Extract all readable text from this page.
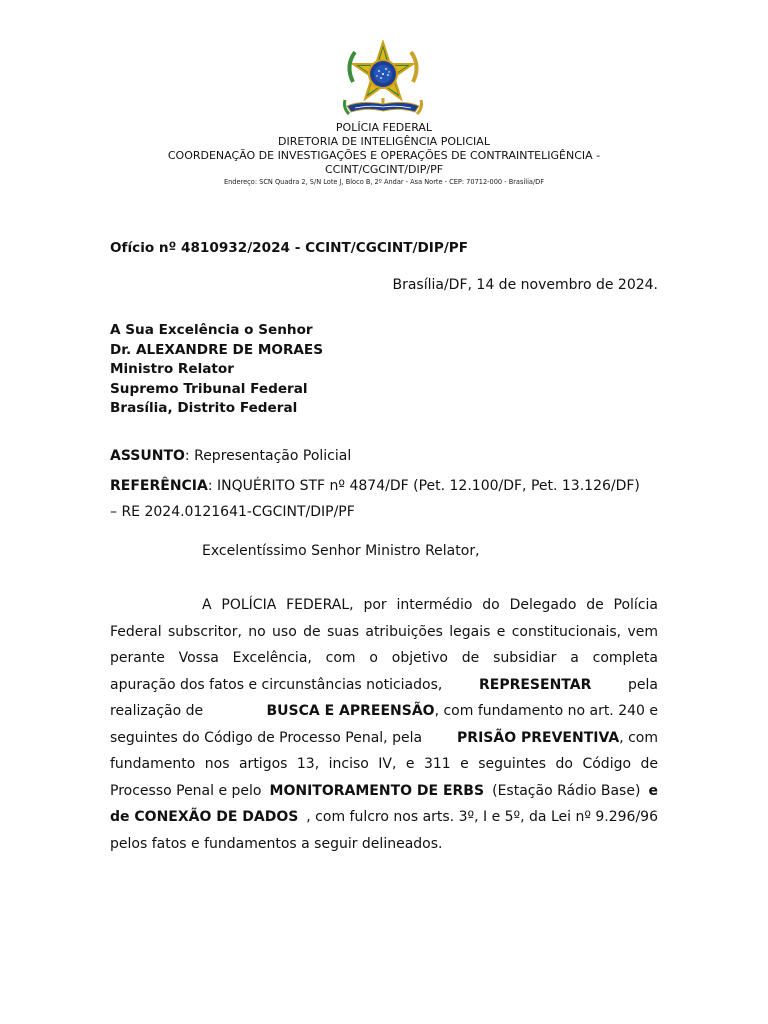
POLÍCIA FEDERAL
DIRETORIA DE INTELIGÊNCIA POLICIAL
COORDENAÇÃO DE INVESTIGAÇÕES E OPERAÇÕES DE CONTRAINTELIGÊNCIA -
CCINT/CGCINT/DIP/PF
Endereço: SCN Quadra 2, S/N Lote J, Bloco B, 2º Andar - Asa Norte - CEP: 70712-000 - Brasília/DF
Ofício nº 4810932/2024 - CCINT/CGCINT/DIP/PF
Brasília/DF, 14 de novembro de 2024.
A Sua Excelência o Senhor
Dr. ALEXANDRE DE MORAES
Ministro Relator
Supremo Tribunal Federal
Brasília, Distrito Federal
ASSUNTO: Representação Policial
REFERÊNCIA: INQUÉRITO STF nº 4874/DF (Pet. 12.100/DF, Pet. 13.126/DF)
– RE 2024.0121641-CGCINT/DIP/PF
Excelentíssimo Senhor Ministro Relator,
A POLÍCIA FEDERAL, por intermédio do Delegado de Polícia
Federal subscritor, no uso de suas atribuições legais e constitucionais, vem
perante Vossa Excelência, com o objetivo de subsidiar a completa
apuração dos fatos e circunstâncias noticiados,	REPRESENTAR	pela
realização de	BUSCA E APREENSÃO, com fundamento no art. 240 e
seguintes do Código de Processo Penal, pela PRISÃO PREVENTIVA, com
fundamento nos artigos 13, inciso IV, e 311 e seguintes do Código de
Processo Penal e pelo MONITORAMENTO DE ERBS (Estação Rádio Base) e
de CONEXÃO DE DADOS , com fulcro nos arts. 3º, I e 5º, da Lei nº 9.296/96
pelos fatos e fundamentos a seguir delineados.
